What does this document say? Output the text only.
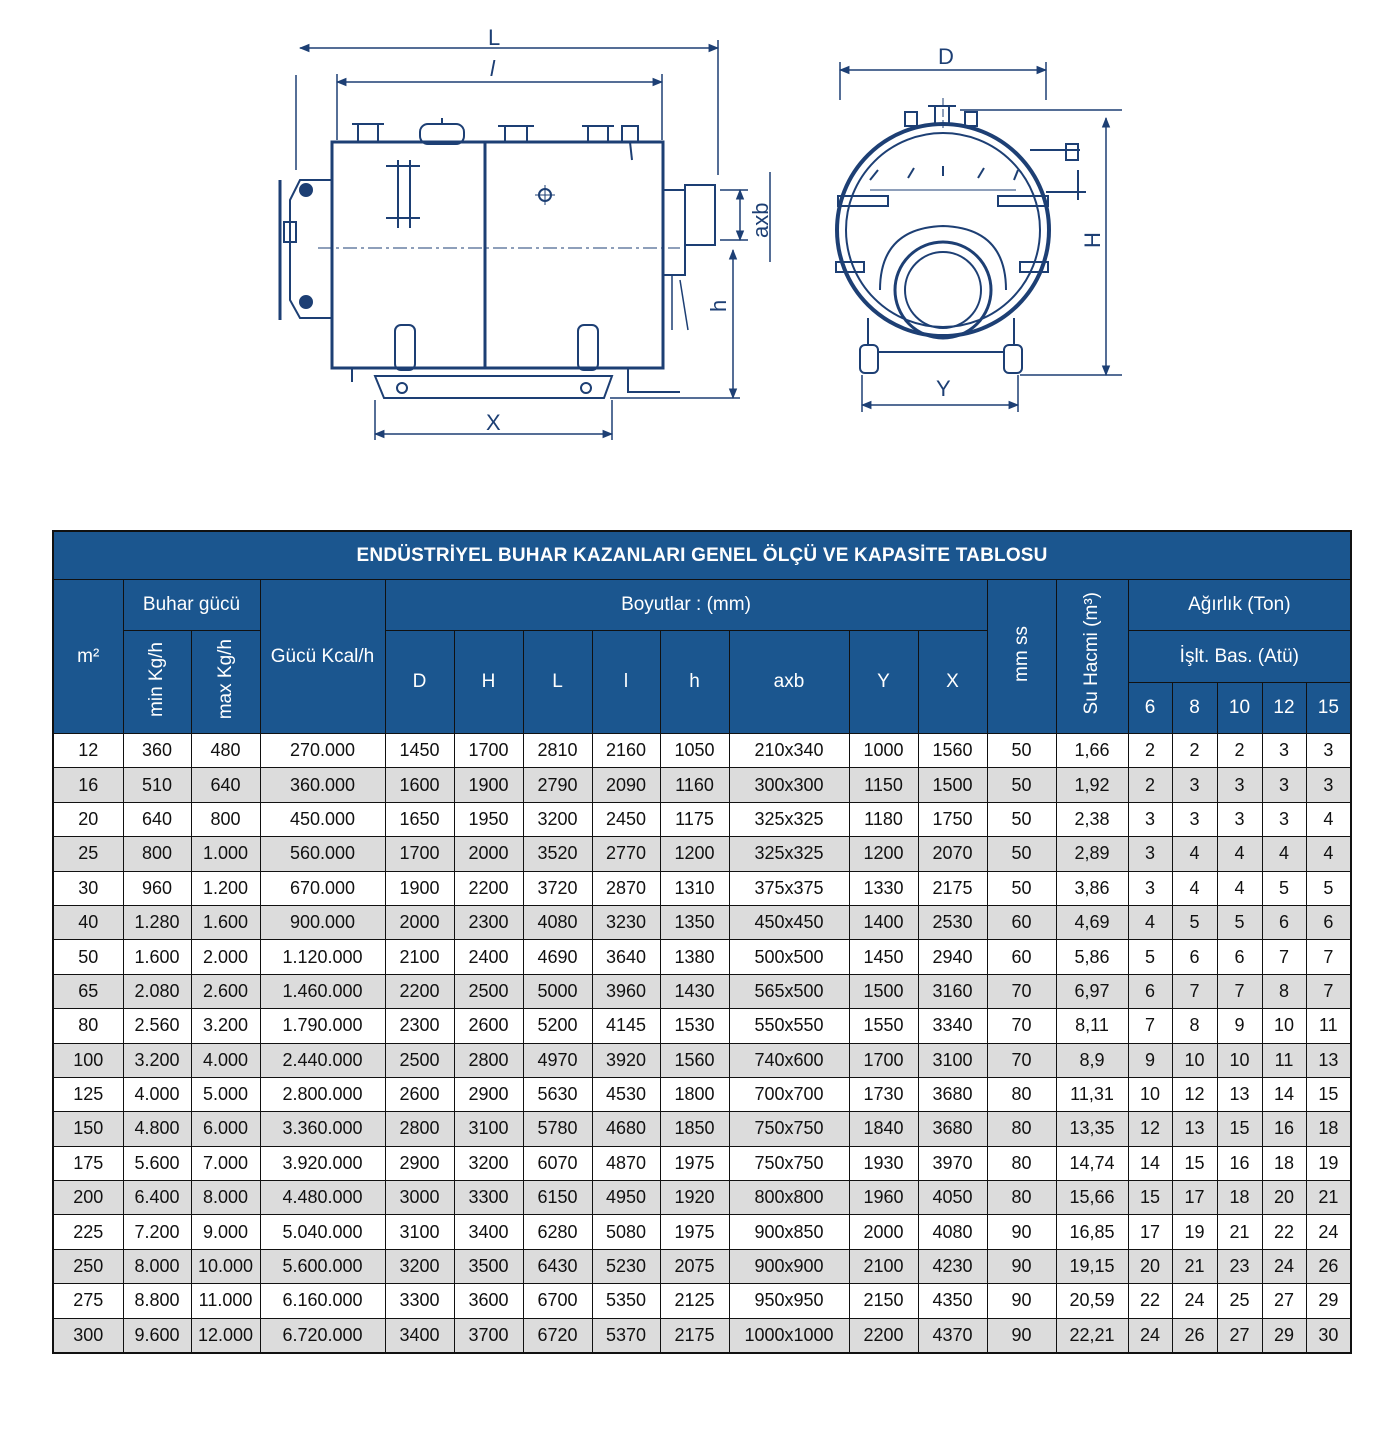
L
l
axb
h
X
D
H
Y
ENDÜSTRİYEL BUHAR KAZANLARI GENEL ÖLÇÜ VE KAPASİTE TABLOSU																		
m²	Buhar gücü		Gücü Kcal/h	Boyutlar : (mm)								mm ss	Su Hacmi (m³)	Ağırlık (Ton)				
	min Kg/h	max Kg/h		D	H	L	l	h	axb	Y	X			İşlt. Bas. (Atü)				
														6	8	10	12	15
12	360	480	270.000	1450	1700	2810	2160	1050	210x340	1000	1560	50	1,66	2	2	2	3	3
16	510	640	360.000	1600	1900	2790	2090	1160	300x300	1150	1500	50	1,92	2	3	3	3	3
20	640	800	450.000	1650	1950	3200	2450	1175	325x325	1180	1750	50	2,38	3	3	3	3	4
25	800	1.000	560.000	1700	2000	3520	2770	1200	325x325	1200	2070	50	2,89	3	4	4	4	4
30	960	1.200	670.000	1900	2200	3720	2870	1310	375x375	1330	2175	50	3,86	3	4	4	5	5
40	1.280	1.600	900.000	2000	2300	4080	3230	1350	450x450	1400	2530	60	4,69	4	5	5	6	6
50	1.600	2.000	1.120.000	2100	2400	4690	3640	1380	500x500	1450	2940	60	5,86	5	6	6	7	7
65	2.080	2.600	1.460.000	2200	2500	5000	3960	1430	565x500	1500	3160	70	6,97	6	7	7	8	7
80	2.560	3.200	1.790.000	2300	2600	5200	4145	1530	550x550	1550	3340	70	8,11	7	8	9	10	11
100	3.200	4.000	2.440.000	2500	2800	4970	3920	1560	740x600	1700	3100	70	8,9	9	10	10	11	13
125	4.000	5.000	2.800.000	2600	2900	5630	4530	1800	700x700	1730	3680	80	11,31	10	12	13	14	15
150	4.800	6.000	3.360.000	2800	3100	5780	4680	1850	750x750	1840	3680	80	13,35	12	13	15	16	18
175	5.600	7.000	3.920.000	2900	3200	6070	4870	1975	750x750	1930	3970	80	14,74	14	15	16	18	19
200	6.400	8.000	4.480.000	3000	3300	6150	4950	1920	800x800	1960	4050	80	15,66	15	17	18	20	21
225	7.200	9.000	5.040.000	3100	3400	6280	5080	1975	900x850	2000	4080	90	16,85	17	19	21	22	24
250	8.000	10.000	5.600.000	3200	3500	6430	5230	2075	900x900	2100	4230	90	19,15	20	21	23	24	26
275	8.800	11.000	6.160.000	3300	3600	6700	5350	2125	950x950	2150	4350	90	20,59	22	24	25	27	29
300	9.600	12.000	6.720.000	3400	3700	6720	5370	2175	1000x1000	2200	4370	90	22,21	24	26	27	29	30
